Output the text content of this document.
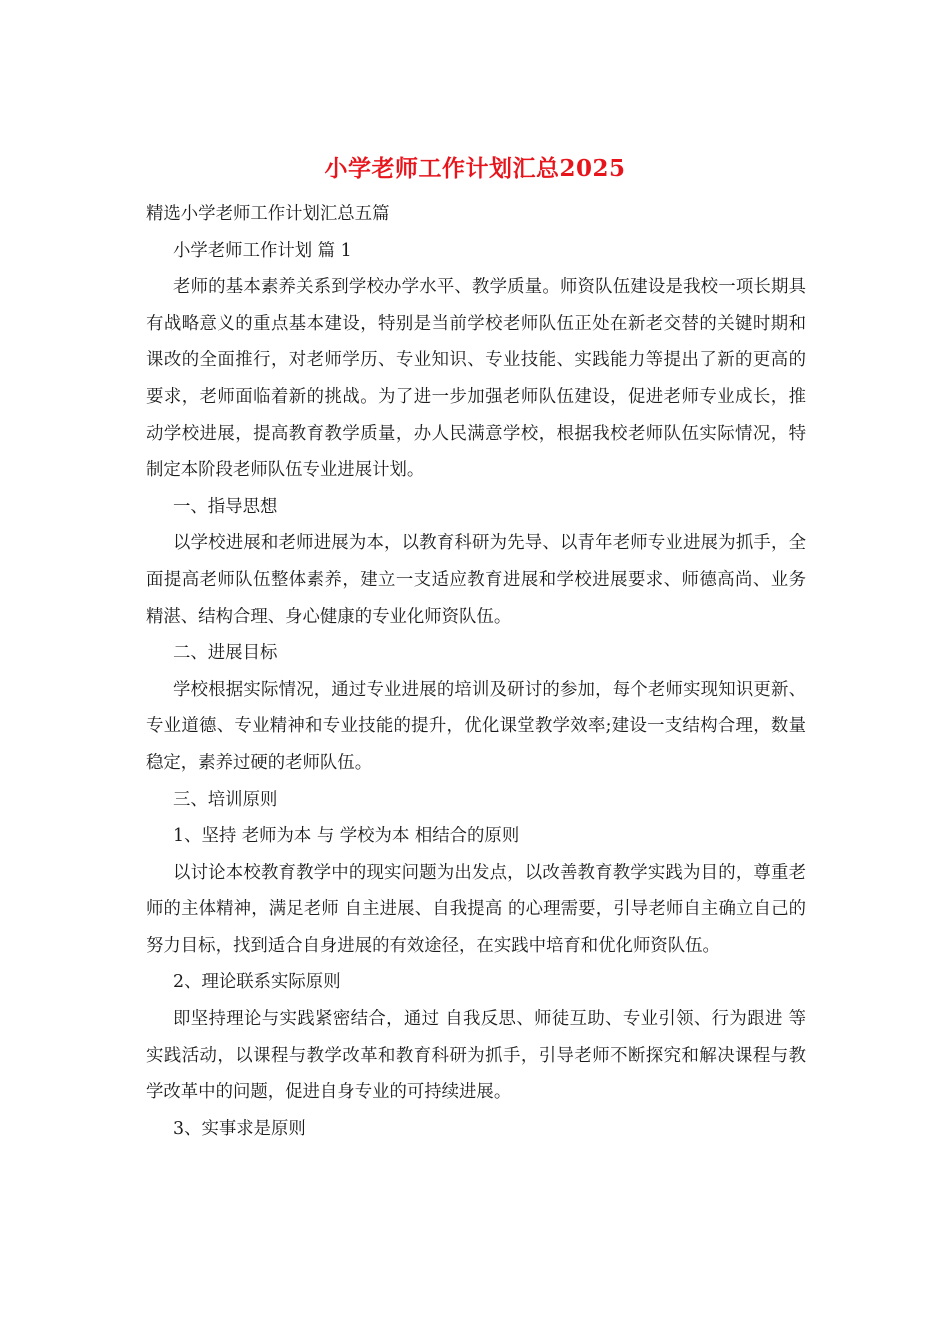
小学老师工作计划汇总2025

精选小学老师工作计划汇总五篇

小学老师工作计划 篇 1

老师的基本素养关系到学校办学水平、教学质量。师资队伍建设是我校一项长期具有战略意义的重点基本建设，特别是当前学校老师队伍正处在新老交替的关键时期和课改的全面推行，对老师学历、专业知识、专业技能、实践能力等提出了新的更高的要求，老师面临着新的挑战。为了进一步加强老师队伍建设，促进老师专业成长，推动学校进展，提高教育教学质量，办人民满意学校，根据我校老师队伍实际情况，特制定本阶段老师队伍专业进展计划。

一、指导思想

以学校进展和老师进展为本，以教育科研为先导、以青年老师专业进展为抓手，全面提高老师队伍整体素养，建立一支适应教育进展和学校进展要求、师德高尚、业务精湛、结构合理、身心健康的专业化师资队伍。

二、进展目标

学校根据实际情况，通过专业进展的培训及研讨的参加，每个老师实现知识更新、专业道德、专业精神和专业技能的提升，优化课堂教学效率;建设一支结构合理，数量稳定，素养过硬的老师队伍。

三、培训原则

1、坚持 老师为本 与 学校为本 相结合的原则

以讨论本校教育教学中的现实问题为出发点，以改善教育教学实践为目的，尊重老师的主体精神，满足老师 自主进展、自我提高 的心理需要，引导老师自主确立自己的努力目标，找到适合自身进展的有效途径，在实践中培育和优化师资队伍。

2、理论联系实际原则

即坚持理论与实践紧密结合，通过 自我反思、师徒互助、专业引领、行为跟进 等实践活动，以课程与教学改革和教育科研为抓手，引导老师不断探究和解决课程与教学改革中的问题，促进自身专业的可持续进展。

3、实事求是原则
